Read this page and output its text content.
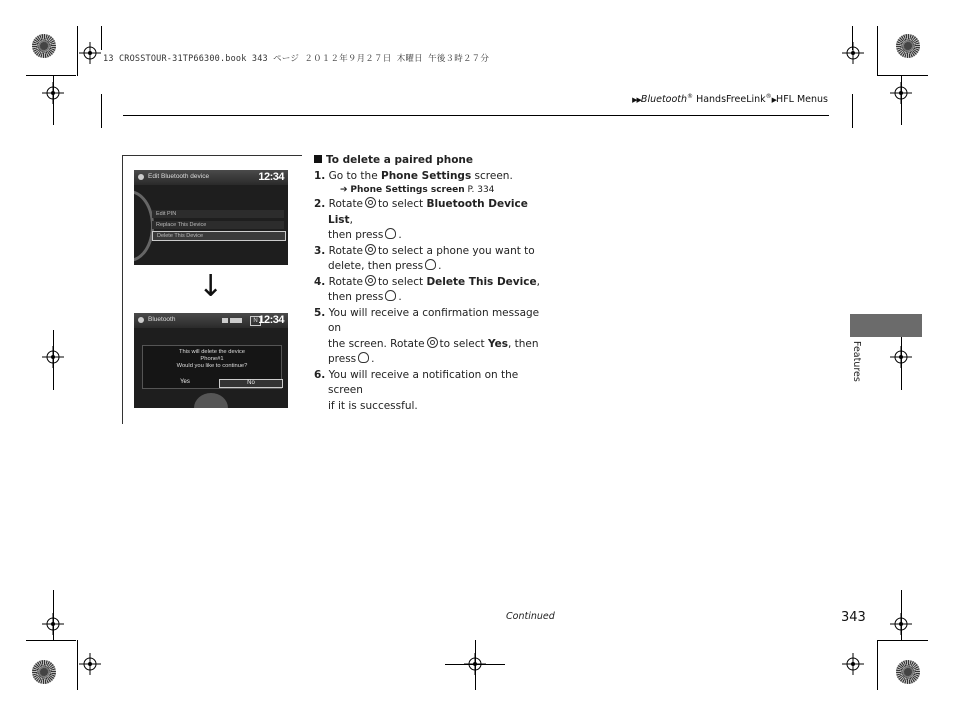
13 CROSSTOUR-31TP66300.book 343 ページ ２０１２年９月２７日 木曜日 午後３時２７分
▶▶Bluetooth® HandsFreeLink®▶HFL Menus
Edit Bluetooth device	12:34
Edit PIN
Replace This Device
Delete This Device
↓
Bluetooth	N 12:34
This will delete the device
Phone#1
Would you like to continue?
Yes	No
To delete a paired phone
1. Go to the Phone Settings screen.
➔ Phone Settings screen P. 334
2. Rotate to select Bluetooth Device List,
then press .
3. Rotate to select a phone you want to
delete, then press .
4. Rotate to select Delete This Device,
then press .
5. You will receive a confirmation message on
the screen. Rotate to select Yes, then
press .
6. You will receive a notification on the screen
if it is successful.
Features
Continued	343
